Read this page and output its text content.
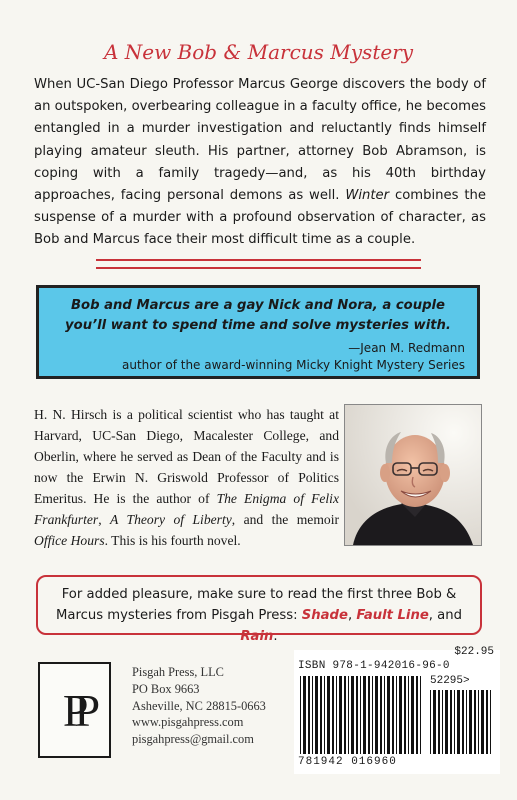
A New Bob & Marcus Mystery

When UC-San Diego Professor Marcus George discovers the body of an outspoken, overbearing colleague in a faculty office, he becomes entangled in a murder investigation and reluctantly finds himself playing amateur sleuth. His partner, attorney Bob Abramson, is coping with a family tragedy—and, as his 40th birthday approaches, facing personal demons as well. Winter combines the suspense of a murder with a profound observation of character, as Bob and Marcus face their most difficult time as a couple.

Bob and Marcus are a gay Nick and Nora, a couple you’ll want to spend time and solve mysteries with.

—Jean M. Redmann
author of the award-winning Micky Knight Mystery Series

H. N. Hirsch is a political scientist who has taught at Harvard, UC-San Diego, Macalester College, and Oberlin, where he served as Dean of the Faculty and is now the Erwin N. Griswold Professor of Politics Emeritus. He is the author of The Enigma of Felix Frankfurter, A Theory of Liberty, and the memoir Office Hours. This is his fourth novel.

For added pleasure, make sure to read the first three Bob &
Marcus mysteries from Pisgah Press: Shade, Fault Line, and Rain.
PP
Pisgah Press, LLC
PO Box 9663
Asheville, NC 28815-0663
www.pisgahpress.com
pisgahpress@gmail.com
$22.95
ISBN 978-1-942016-96-0
52295>
781942 016960
